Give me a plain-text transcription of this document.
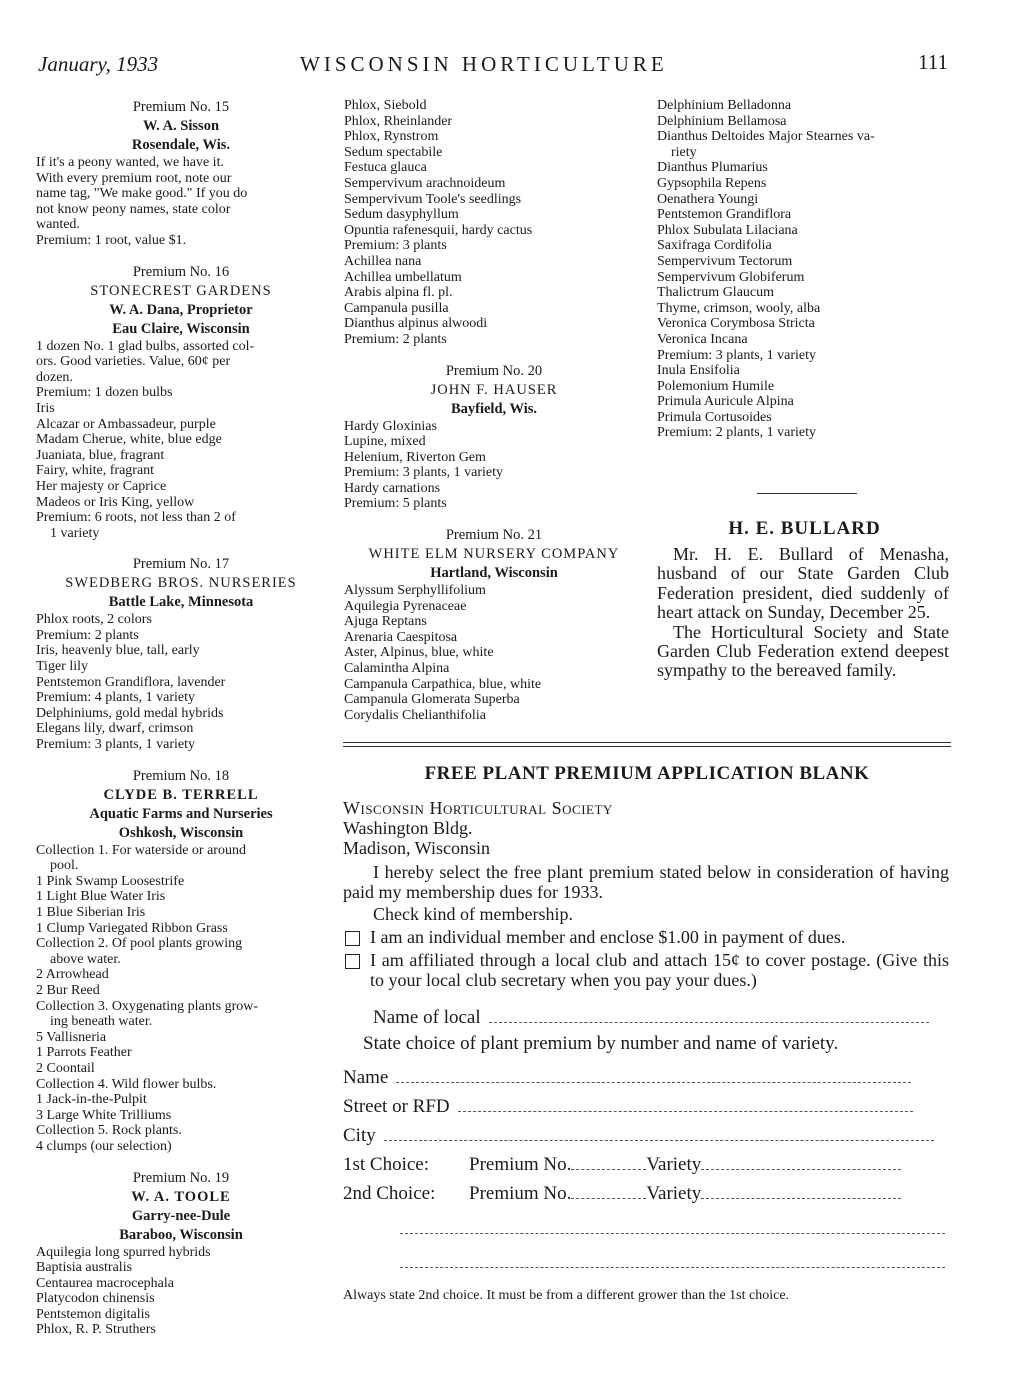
January, 1933	WISCONSIN HORTICULTURE	111
Premium No. 15
W. A. Sisson
Rosendale, Wis.
If it's a peony wanted, we have it.
With every premium root, note our
name tag, "We make good." If you do
not know peony names, state color
wanted.
Premium: 1 root, value $1.
Premium No. 16
STONECREST GARDENS
W. A. Dana, Proprietor
Eau Claire, Wisconsin
1 dozen No. 1 glad bulbs, assorted col-
ors. Good varieties. Value, 60¢ per
dozen.
Premium: 1 dozen bulbs
Iris
Alcazar or Ambassadeur, purple
Madam Cherue, white, blue edge
Juaniata, blue, fragrant
Fairy, white, fragrant
Her majesty or Caprice
Madeos or Iris King, yellow
Premium: 6 roots, not less than 2 of
1 variety
Premium No. 17
SWEDBERG BROS. NURSERIES
Battle Lake, Minnesota
Phlox roots, 2 colors
Premium: 2 plants
Iris, heavenly blue, tall, early
Tiger lily
Pentstemon Grandiflora, lavender
Premium: 4 plants, 1 variety
Delphiniums, gold medal hybrids
Elegans lily, dwarf, crimson
Premium: 3 plants, 1 variety
Premium No. 18
CLYDE B. TERRELL
Aquatic Farms and Nurseries
Oshkosh, Wisconsin
Collection 1. For waterside or around
pool.
1 Pink Swamp Loosestrife
1 Light Blue Water Iris
1 Blue Siberian Iris
1 Clump Variegated Ribbon Grass
Collection 2. Of pool plants growing
above water.
2 Arrowhead
2 Bur Reed
Collection 3. Oxygenating plants grow-
ing beneath water.
5 Vallisneria
1 Parrots Feather
2 Coontail
Collection 4. Wild flower bulbs.
1 Jack-in-the-Pulpit
3 Large White Trilliums
Collection 5. Rock plants.
4 clumps (our selection)
Premium No. 19
W. A. TOOLE
Garry-nee-Dule
Baraboo, Wisconsin
Aquilegia long spurred hybrids
Baptisia australis
Centaurea macrocephala
Platycodon chinensis
Pentstemon digitalis
Phlox, R. P. Struthers
Phlox, Siebold
Phlox, Rheinlander
Phlox, Rynstrom
Sedum spectabile
Festuca glauca
Sempervivum arachnoideum
Sempervivum Toole's seedlings
Sedum dasyphyllum
Opuntia rafenesquii, hardy cactus
Premium: 3 plants
Achillea nana
Achillea umbellatum
Arabis alpina fl. pl.
Campanula pusilla
Dianthus alpinus alwoodi
Premium: 2 plants
Premium No. 20
JOHN F. HAUSER
Bayfield, Wis.
Hardy Gloxinias
Lupine, mixed
Helenium, Riverton Gem
Premium: 3 plants, 1 variety
Hardy carnations
Premium: 5 plants
Premium No. 21
WHITE ELM NURSERY COMPANY
Hartland, Wisconsin
Alyssum Serphyllifolium
Aquilegia Pyrenaceae
Ajuga Reptans
Arenaria Caespitosa
Aster, Alpinus, blue, white
Calamintha Alpina
Campanula Carpathica, blue, white
Campanula Glomerata Superba
Corydalis Chelianthifolia
Delphinium Belladonna
Delphinium Bellamosa
Dianthus Deltoides Major Stearnes va-
riety
Dianthus Plumarius
Gypsophila Repens
Oenathera Youngi
Pentstemon Grandiflora
Phlox Subulata Lilaciana
Saxifraga Cordifolia
Sempervivum Tectorum
Sempervivum Globiferum
Thalictrum Glaucum
Thyme, crimson, wooly, alba
Veronica Corymbosa Stricta
Veronica Incana
Premium: 3 plants, 1 variety
Inula Ensifolia
Polemonium Humile
Primula Auricule Alpina
Primula Cortusoides
Premium: 2 plants, 1 variety
H. E. BULLARD

Mr. H. E. Bullard of Menasha, husband of our State Garden Club Federation president, died suddenly of heart attack on Sunday, December 25.

The Horticultural Society and State Garden Club Federation extend deepest sympathy to the bereaved family.

FREE PLANT PREMIUM APPLICATION BLANK
Wisconsin Horticultural Society
Washington Bldg.
Madison, Wisconsin
I hereby select the free plant premium stated below in consideration of having paid my membership dues for 1933.
Check kind of membership.
I am an individual member and enclose $1.00 in payment of dues.
I am affiliated through a local club and attach 15¢ to cover postage. (Give this to your local club secretary when you pay your dues.)
Name of local
State choice of plant premium by number and name of variety.
Name
Street or RFD
City
1st Choice:	Premium No.	Variety
2nd Choice:	Premium No.	Variety
Always state 2nd choice. It must be from a different grower than the 1st choice.
